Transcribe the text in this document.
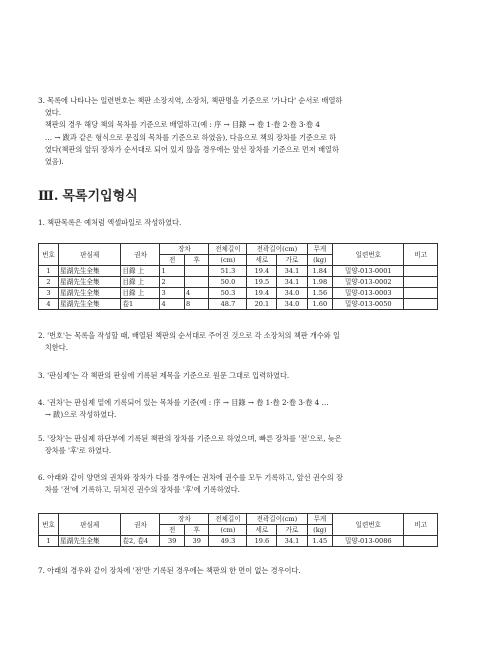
3. 목록에 나타나는 일련번호는 책판 소장지역, 소장처, 책판명을 기준으로 '가나다' 순서로 배열하
였다.
책판의 경우 해당 책의 목차를 기준으로 배열하고(예 : 序 → 目錄 → 卷 1·卷 2·卷 3·卷 4
… → 跋과 같은 형식으로 문집의 목차를 기준으로 하였음), 다음으로 책의 장차를 기준으로 하
였다(책판의 앞뒤 장차가 순서대로 되어 있지 않을 경우에는 앞선 장차를 기준으로 먼저 배열하
였음).
Ⅲ. 목록기입형식
1. 책판목록은 예처럼 엑셀파일로 작성하였다.
번호	판심제	권차	장차		전체길이	전곽길이(cm)		무게	일련번호	비고
			전	후	(cm)	세로	가로	(kg)		
1	星湖先生全集	目錄 上	1		51.3	19.4	34.1	1.84	밀양-013-0001	
2	星湖先生全集	目錄 上	2		50.0	19.5	34.1	1.98	밀양-013-0002	
3	星湖先生全集	目錄 上	3	4	50.3	19.4	34.0	1.56	밀양-013-0003	
4	星湖先生全集	卷1	4	8	48.7	20.1	34.0	1.60	밀양-013-0050	
2. '번호'는 목록을 작성할 때, 배열된 책판의 순서대로 주어진 것으로 각 소장처의 책판 개수와 일
치한다.
3. '판심제'는 각 책판의 판심에 기록된 제목을 기준으로 원문 그대로 입력하였다.
4. '권차'는 판심제 밑에 기록되어 있는 목차를 기준(예 : 序 → 目錄 → 卷 1·卷 2·卷 3·卷 4 …
→ 跋)으로 작성하였다.
5. '장차'는 판심제 하단부에 기록된 책판의 장차를 기준으로 하였으며, 빠른 장차를 '전'으로, 늦은
장차를 '후'로 하였다.
6. 아래와 같이 양면의 권차와 장차가 다를 경우에는 권차에 권수를 모두 기록하고, 앞선 권수의 장
차를 '전'에 기록하고, 뒤처진 권수의 장차를 '후'에 기록하였다.
번호	판심제	권차	장차		전체길이	전곽길이(cm)		무게	일련번호	비고
			전	후	(cm)	세로	가로	(kg)		
1	星湖先生全集	卷2, 卷4	39	39	49.3	19.6	34.1	1.45	밀양-013-0086	
7. 아래의 경우와 같이 장차에 '전'만 기록된 경우에는 책판의 한 면이 없는 경우이다.
